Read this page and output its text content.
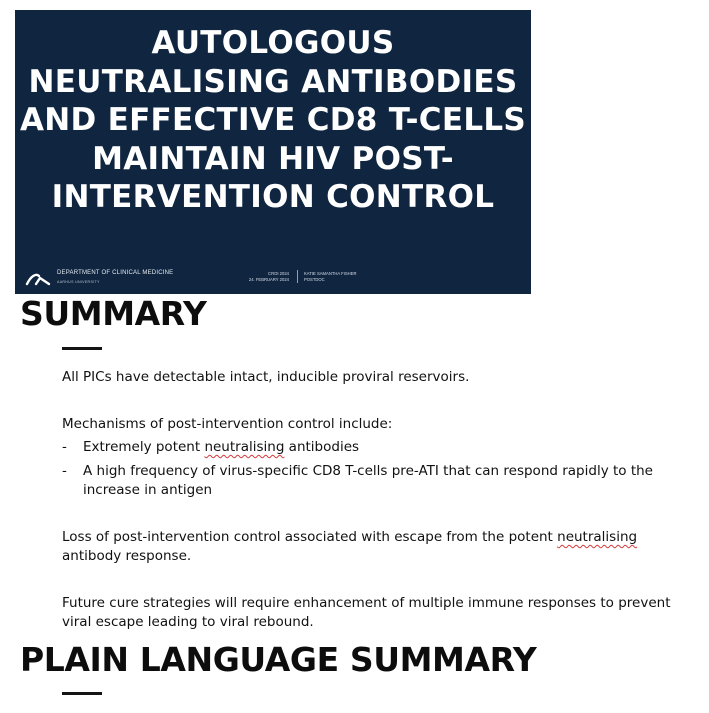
AUTOLOGOUS
NEUTRALISING ANTIBODIES
AND EFFECTIVE CD8 T-CELLS
MAINTAIN HIV POST-
INTERVENTION CONTROL
DEPARTMENT OF CLINICAL MEDICINE
AARHUS UNIVERSITY
CROI 2024
24. FEBRUARY 2024
KATIE SAMANTHA FISHER
POSTDOC
SUMMARY

All PICs have detectable intact, inducible proviral reservoirs.

Mechanisms of post-intervention control include:

- Extremely potent neutralising antibodies
- A high frequency of virus-specific CD8 T-cells pre-ATI that can respond rapidly to the increase in antigen

Loss of post-intervention control associated with escape from the potent neutralising antibody response.

Future cure strategies will require enhancement of multiple immune responses to prevent viral escape leading to viral rebound.

PLAIN LANGUAGE SUMMARY
